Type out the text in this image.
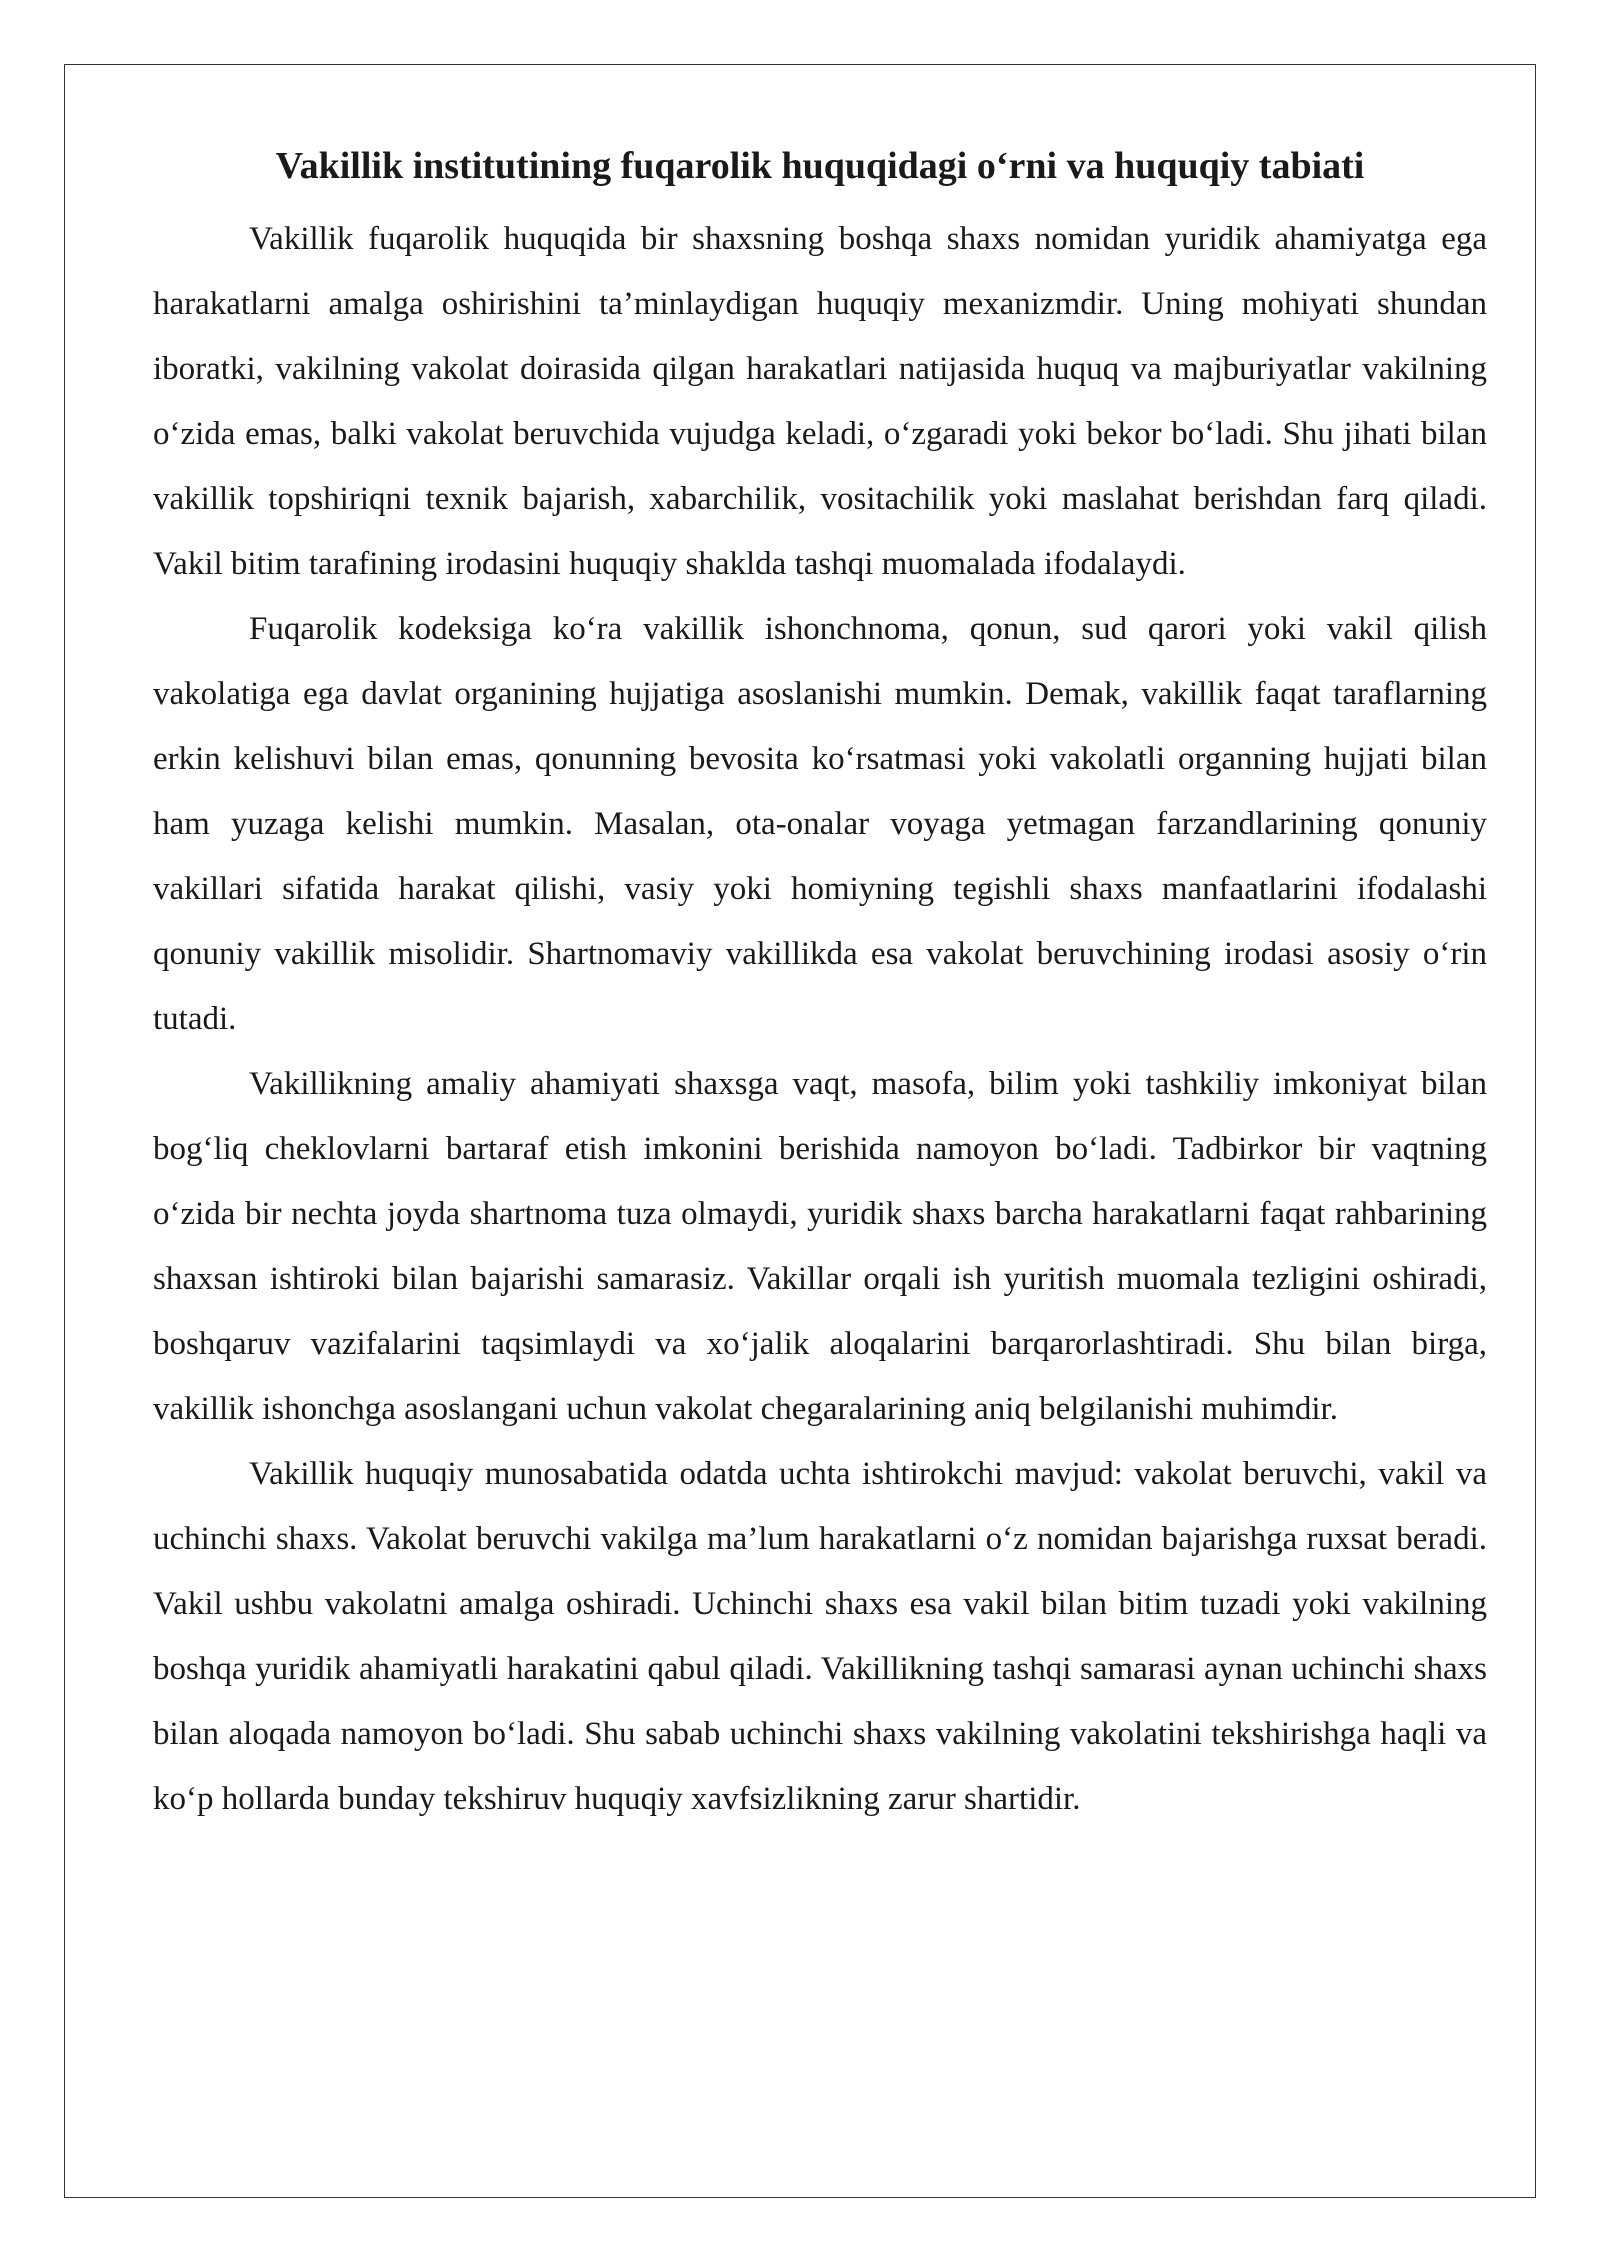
Vakillik institutining fuqarolik huquqidagi o‘rni va huquqiy tabiati

Vakillik fuqarolik huquqida bir shaxsning boshqa shaxs nomidan yuridik ahamiyatga ega harakatlarni amalga oshirishini ta’minlaydigan huquqiy mexanizmdir. Uning mohiyati shundan iboratki, vakilning vakolat doirasida qilgan harakatlari natijasida huquq va majburiyatlar vakilning o‘zida emas, balki vakolat beruvchida vujudga keladi, o‘zgaradi yoki bekor bo‘ladi. Shu jihati bilan vakillik topshiriqni texnik bajarish, xabarchilik, vositachilik yoki maslahat berishdan farq qiladi. Vakil bitim tarafining irodasini huquqiy shaklda tashqi muomalada ifodalaydi.

Fuqarolik kodeksiga ko‘ra vakillik ishonchnoma, qonun, sud qarori yoki vakil qilish vakolatiga ega davlat organining hujjatiga asoslanishi mumkin. Demak, vakillik faqat taraflarning erkin kelishuvi bilan emas, qonunning bevosita ko‘rsatmasi yoki vakolatli organning hujjati bilan ham yuzaga kelishi mumkin. Masalan, ota-onalar voyaga yetmagan farzandlarining qonuniy vakillari sifatida harakat qilishi, vasiy yoki homiyning tegishli shaxs manfaatlarini ifodalashi qonuniy vakillik misolidir. Shartnomaviy vakillikda esa vakolat beruvchining irodasi asosiy o‘rin tutadi.

Vakillikning amaliy ahamiyati shaxsga vaqt, masofa, bilim yoki tashkiliy imkoniyat bilan bog‘liq cheklovlarni bartaraf etish imkonini berishida namoyon bo‘ladi. Tadbirkor bir vaqtning o‘zida bir nechta joyda shartnoma tuza olmaydi, yuridik shaxs barcha harakatlarni faqat rahbarining shaxsan ishtiroki bilan bajarishi samarasiz. Vakillar orqali ish yuritish muomala tezligini oshiradi, boshqaruv vazifalarini taqsimlaydi va xo‘jalik aloqalarini barqarorlashtiradi. Shu bilan birga, vakillik ishonchga asoslangani uchun vakolat chegaralarining aniq belgilanishi muhimdir.

Vakillik huquqiy munosabatida odatda uchta ishtirokchi mavjud: vakolat beruvchi, vakil va uchinchi shaxs. Vakolat beruvchi vakilga ma’lum harakatlarni o‘z nomidan bajarishga ruxsat beradi. Vakil ushbu vakolatni amalga oshiradi. Uchinchi shaxs esa vakil bilan bitim tuzadi yoki vakilning boshqa yuridik ahamiyatli harakatini qabul qiladi. Vakillikning tashqi samarasi aynan uchinchi shaxs bilan aloqada namoyon bo‘ladi. Shu sabab uchinchi shaxs vakilning vakolatini tekshirishga haqli va ko‘p hollarda bunday tekshiruv huquqiy xavfsizlikning zarur shartidir.
